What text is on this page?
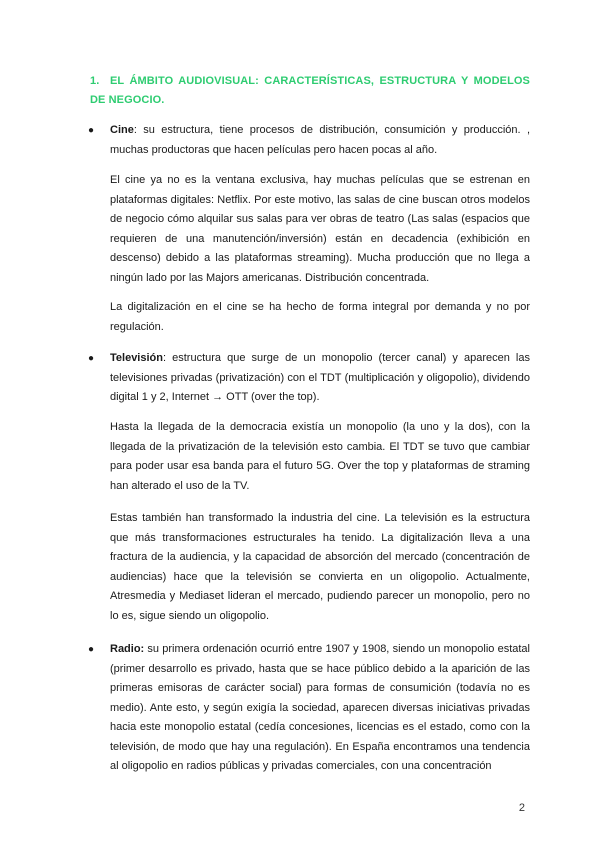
1. EL ÁMBITO AUDIOVISUAL: CARACTERÍSTICAS, ESTRUCTURA Y MODELOS DE NEGOCIO.
● Cine: su estructura, tiene procesos de distribución, consumición y producción. , muchas productoras que hacen películas pero hacen pocas al año.
El cine ya no es la ventana exclusiva, hay muchas películas que se estrenan en plataformas digitales: Netflix. Por este motivo, las salas de cine buscan otros modelos de negocio cómo alquilar sus salas para ver obras de teatro (Las salas (espacios que requieren de una manutención/inversión) están en decadencia (exhibición en descenso) debido a las plataformas streaming). Mucha producción que no llega a ningún lado por las Majors americanas. Distribución concentrada.
La digitalización en el cine se ha hecho de forma integral por demanda y no por regulación.
● Televisión: estructura que surge de un monopolio (tercer canal) y aparecen las televisiones privadas (privatización) con el TDT (multiplicación y oligopolio), dividendo digital 1 y 2, Internet → OTT (over the top).
Hasta la llegada de la democracia existía un monopolio (la uno y la dos), con la llegada de la privatización de la televisión esto cambia. El TDT se tuvo que cambiar para poder usar esa banda para el futuro 5G. Over the top y plataformas de straming han alterado el uso de la TV.
Estas también han transformado la industria del cine. La televisión es la estructura que más transformaciones estructurales ha tenido. La digitalización lleva a una fractura de la audiencia, y la capacidad de absorción del mercado (concentración de audiencias) hace que la televisión se convierta en un oligopolio. Actualmente, Atresmedia y Mediaset lideran el mercado, pudiendo parecer un monopolio, pero no lo es, sigue siendo un oligopolio.
● Radio: su primera ordenación ocurrió entre 1907 y 1908, siendo un monopolio estatal (primer desarrollo es privado, hasta que se hace público debido a la aparición de las primeras emisoras de carácter social) para formas de consumición (todavía no es medio). Ante esto, y según exigía la sociedad, aparecen diversas iniciativas privadas hacia este monopolio estatal (cedía concesiones, licencias es el estado, como con la televisión, de modo que hay una regulación). En España encontramos una tendencia al oligopolio en radios públicas y privadas comerciales, con una concentración
2
